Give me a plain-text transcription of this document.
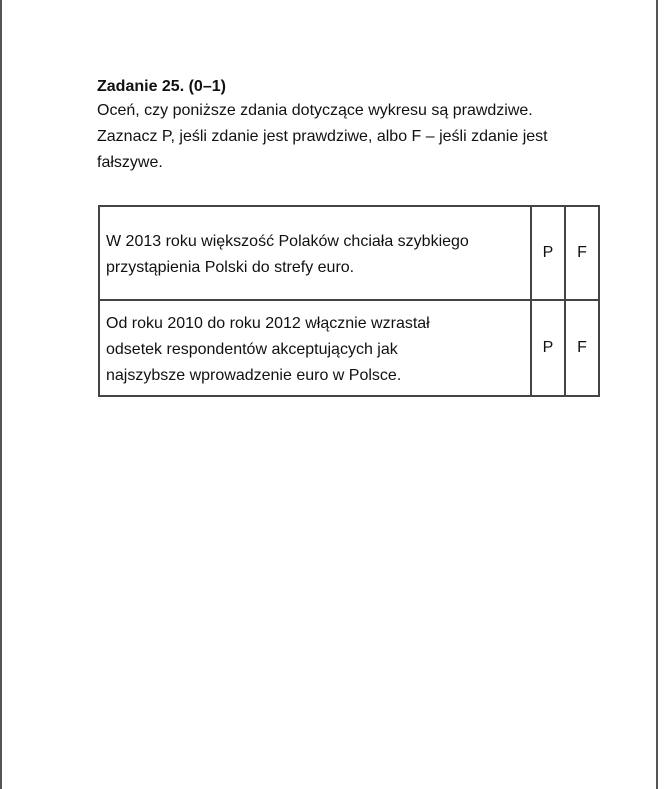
Zadanie 25. (0–1)

Oceń, czy poniższe zdania dotyczące wykresu są prawdziwe.
Zaznacz P, jeśli zdanie jest prawdziwe, albo F – jeśli zdanie jest
fałszywe.

W 2013 roku większość Polaków chciała szybkiego
przystąpienia Polski do strefy euro.	P	F
Od roku 2010 do roku 2012 włącznie wzrastał
odsetek respondentów akceptujących jak
najszybsze wprowadzenie euro w Polsce.	P	F
